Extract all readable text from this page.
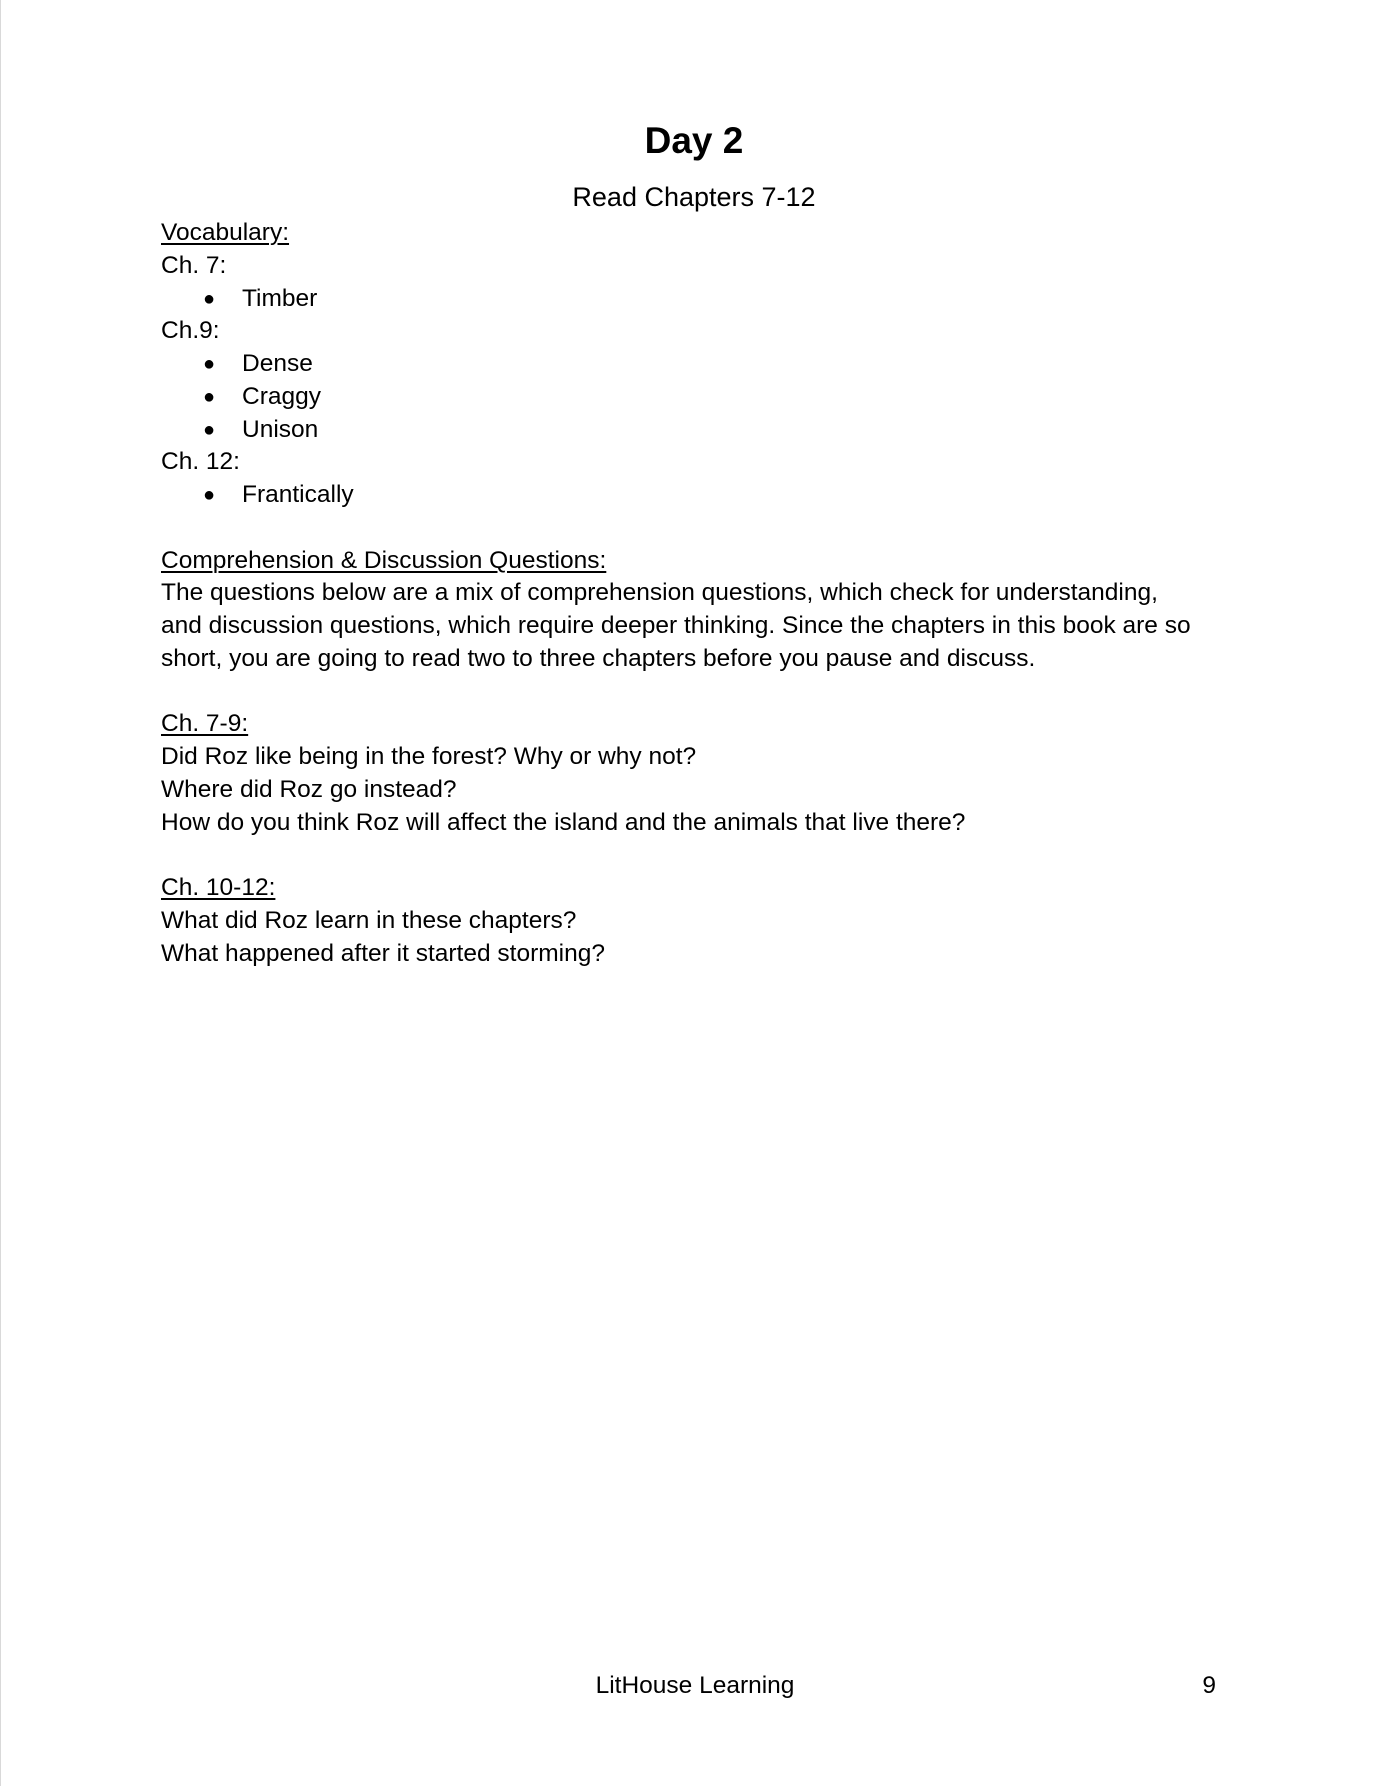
Day 2
Read Chapters 7-12

Vocabulary:

Ch. 7:

● Timber

Ch.9:

● Dense
● Craggy
● Unison

Ch. 12:

● Frantically

Comprehension & Discussion Questions:

The questions below are a mix of comprehension questions, which check for understanding,

and discussion questions, which require deeper thinking. Since the chapters in this book are so

short, you are going to read two to three chapters before you pause and discuss.

Ch. 7-9:

Did Roz like being in the forest? Why or why not?

Where did Roz go instead?

How do you think Roz will affect the island and the animals that live there?

Ch. 10-12:

What did Roz learn in these chapters?

What happened after it started storming?

LitHouse Learning	9
